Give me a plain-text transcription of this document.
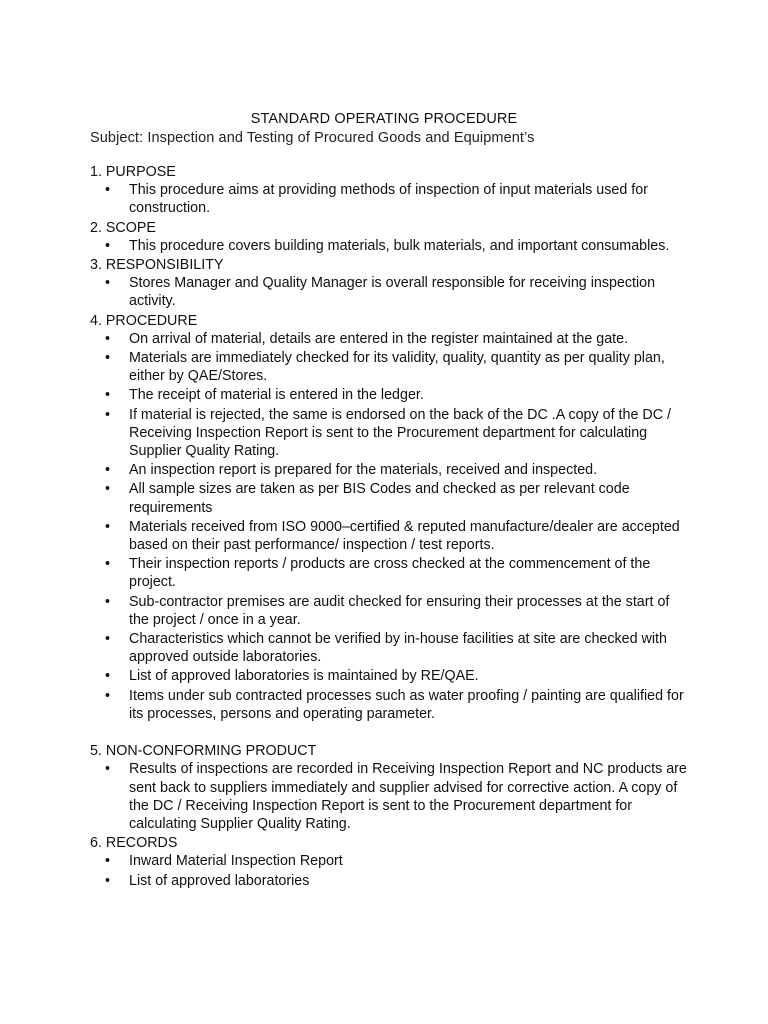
STANDARD OPERATING PROCEDURE
Subject: Inspection and Testing of Procured Goods and Equipment’s
1. PURPOSE
• This procedure aims at providing methods of inspection of input materials used for construction.
2. SCOPE
• This procedure covers building materials, bulk materials, and important consumables.
3. RESPONSIBILITY
• Stores Manager and Quality Manager is overall responsible for receiving inspection activity.
4. PROCEDURE
• On arrival of material, details are entered in the register maintained at the gate.
• Materials are immediately checked for its validity, quality, quantity as per quality plan, either by QAE/Stores.
• The receipt of material is entered in the ledger.
• If material is rejected, the same is endorsed on the back of the DC .A copy of the DC / Receiving Inspection Report is sent to the Procurement department for calculating Supplier Quality Rating.
• An inspection report is prepared for the materials, received and inspected.
• All sample sizes are taken as per BIS Codes and checked as per relevant code requirements
• Materials received from ISO 9000–certified & reputed manufacture/dealer are accepted based on their past performance/ inspection / test reports.
• Their inspection reports / products are cross checked at the commencement of the project.
• Sub-contractor premises are audit checked for ensuring their processes at the start of the project / once in a year.
• Characteristics which cannot be verified by in-house facilities at site are checked with approved outside laboratories.
• List of approved laboratories is maintained by RE/QAE.
• Items under sub contracted processes such as water proofing / painting are qualified for its processes, persons and operating parameter.
5. NON-CONFORMING PRODUCT
• Results of inspections are recorded in Receiving Inspection Report and NC products are sent back to suppliers immediately and supplier advised for corrective action. A copy of the DC / Receiving Inspection Report is sent to the Procurement department for calculating Supplier Quality Rating.
6. RECORDS
• Inward Material Inspection Report
• List of approved laboratories
